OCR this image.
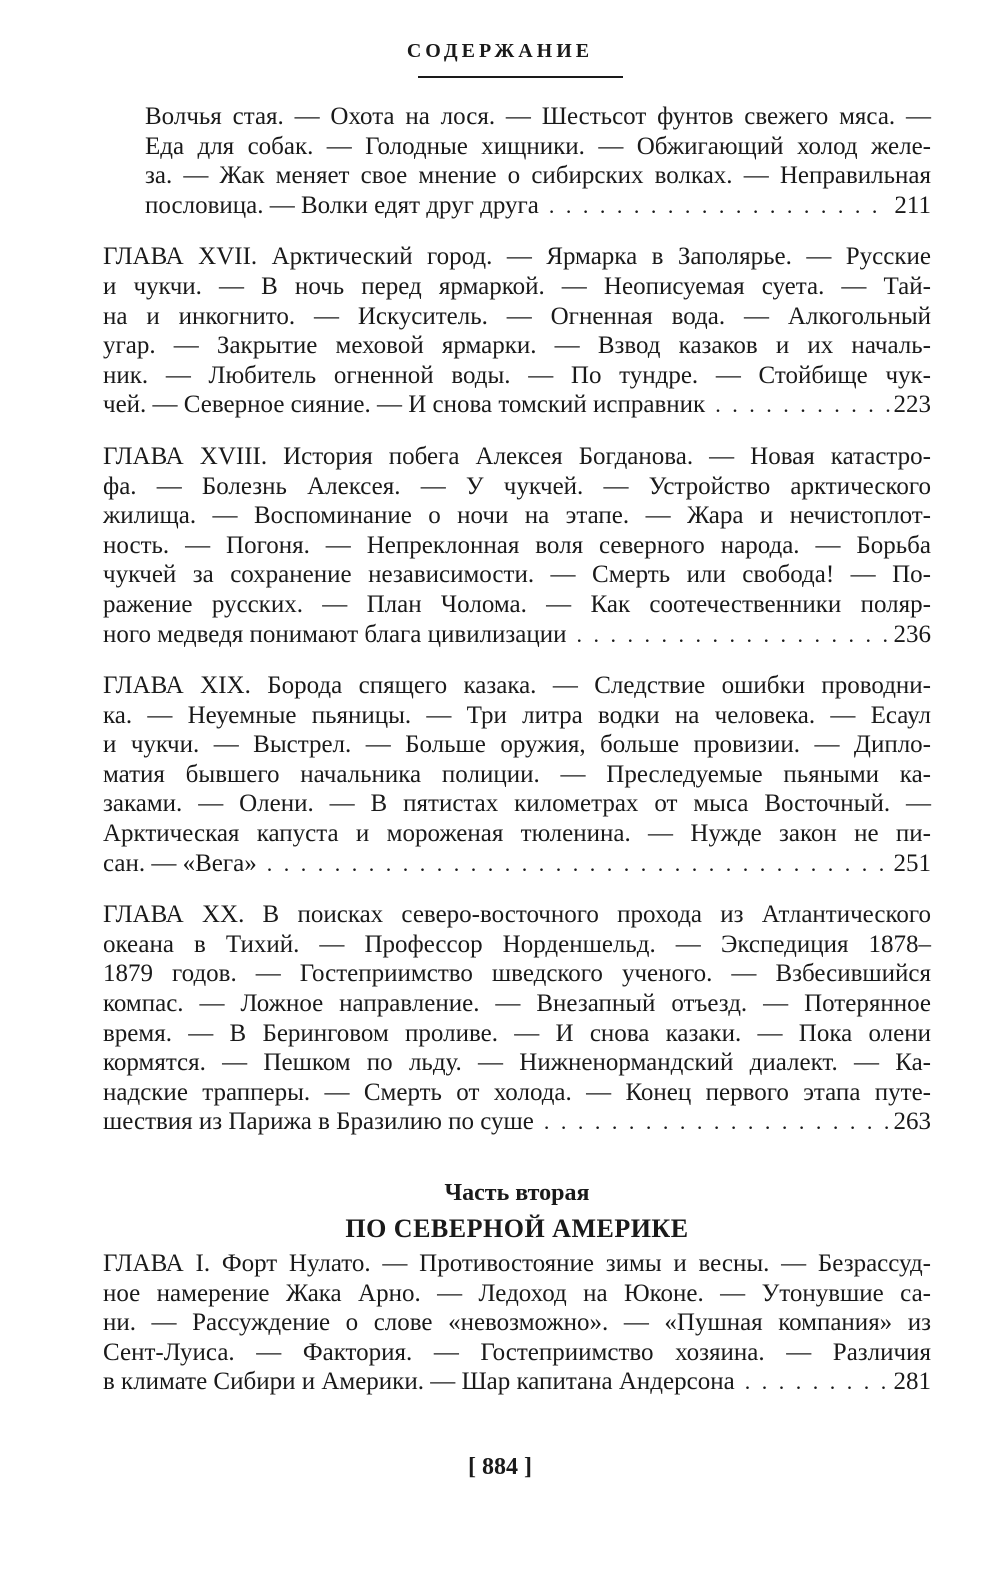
СОДЕРЖАНИЕ
Волчья стая. — Охота на лося. — Шестьсот фунтов свежего мяса. —
Еда для собак. — Голодные хищники. — Обжигающий холод желе-
за. — Жак меняет свое мнение о сибирских волках. — Неправильная
пословица. — Волки едят друг друга . . .	211
ГЛАВА XVII. Арктический город. — Ярмарка в Заполярье. — Русские
и чукчи. — В ночь перед ярмаркой. — Неописуемая суета. — Тай-
на и инкогнито. — Искуситель. — Огненная вода. — Алкогольный
угар. — Закрытие меховой ярмарки. — Взвод казаков и их началь-
ник. — Любитель огненной воды. — По тундре. — Стойбище чук-
чей. — Северное сияние. — И снова томский исправник . . .	223
ГЛАВА XVIII. История побега Алексея Богданова. — Новая катастро-
фа. — Болезнь Алексея. — У чукчей. — Устройство арктического
жилища. — Воспоминание о ночи на этапе. — Жара и нечистоплот-
ность. — Погоня. — Непреклонная воля северного народа. — Борьба
чукчей за сохранение независимости. — Смерть или свобода! — По-
ражение русских. — План Чолома. — Как соотечественники поляр-
ного медведя понимают блага цивилизации . . .	236
ГЛАВА XIX. Борода спящего казака. — Следствие ошибки проводни-
ка. — Неуемные пьяницы. — Три литра водки на человека. — Есаул
и чукчи. — Выстрел. — Больше оружия, больше провизии. — Дипло-
матия бывшего начальника полиции. — Преследуемые пьяными ка-
заками. — Олени. — В пятистах километрах от мыса Восточный. —
Арктическая капуста и мороженая тюленина. — Нужде закон не пи-
сан. — «Вега» . . .	251
ГЛАВА XX. В поисках северо-восточного прохода из Атлантического
океана в Тихий. — Профессор Норденшельд. — Экспедиция 1878–
1879 годов. — Гостеприимство шведского ученого. — Взбесившийся
компас. — Ложное направление. — Внезапный отъезд. — Потерянное
время. — В Беринговом проливе. — И снова казаки. — Пока олени
кормятся. — Пешком по льду. — Нижненормандский диалект. — Ка-
надские трапперы. — Смерть от холода. — Конец первого этапа путе-
шествия из Парижа в Бразилию по суше . . .	263
Часть вторая
ПО СЕВЕРНОЙ АМЕРИКЕ
ГЛАВА I. Форт Нулато. — Противостояние зимы и весны. — Безрассуд-
ное намерение Жака Арно. — Ледоход на Юконе. — Утонувшие са-
ни. — Рассуждение о слове «невозможно». — «Пушная компания» из
Сент-Луиса. — Фактория. — Гостеприимство хозяина. — Различия
в климате Сибири и Америки. — Шар капитана Андерсона . . .	281
[ 884 ]
